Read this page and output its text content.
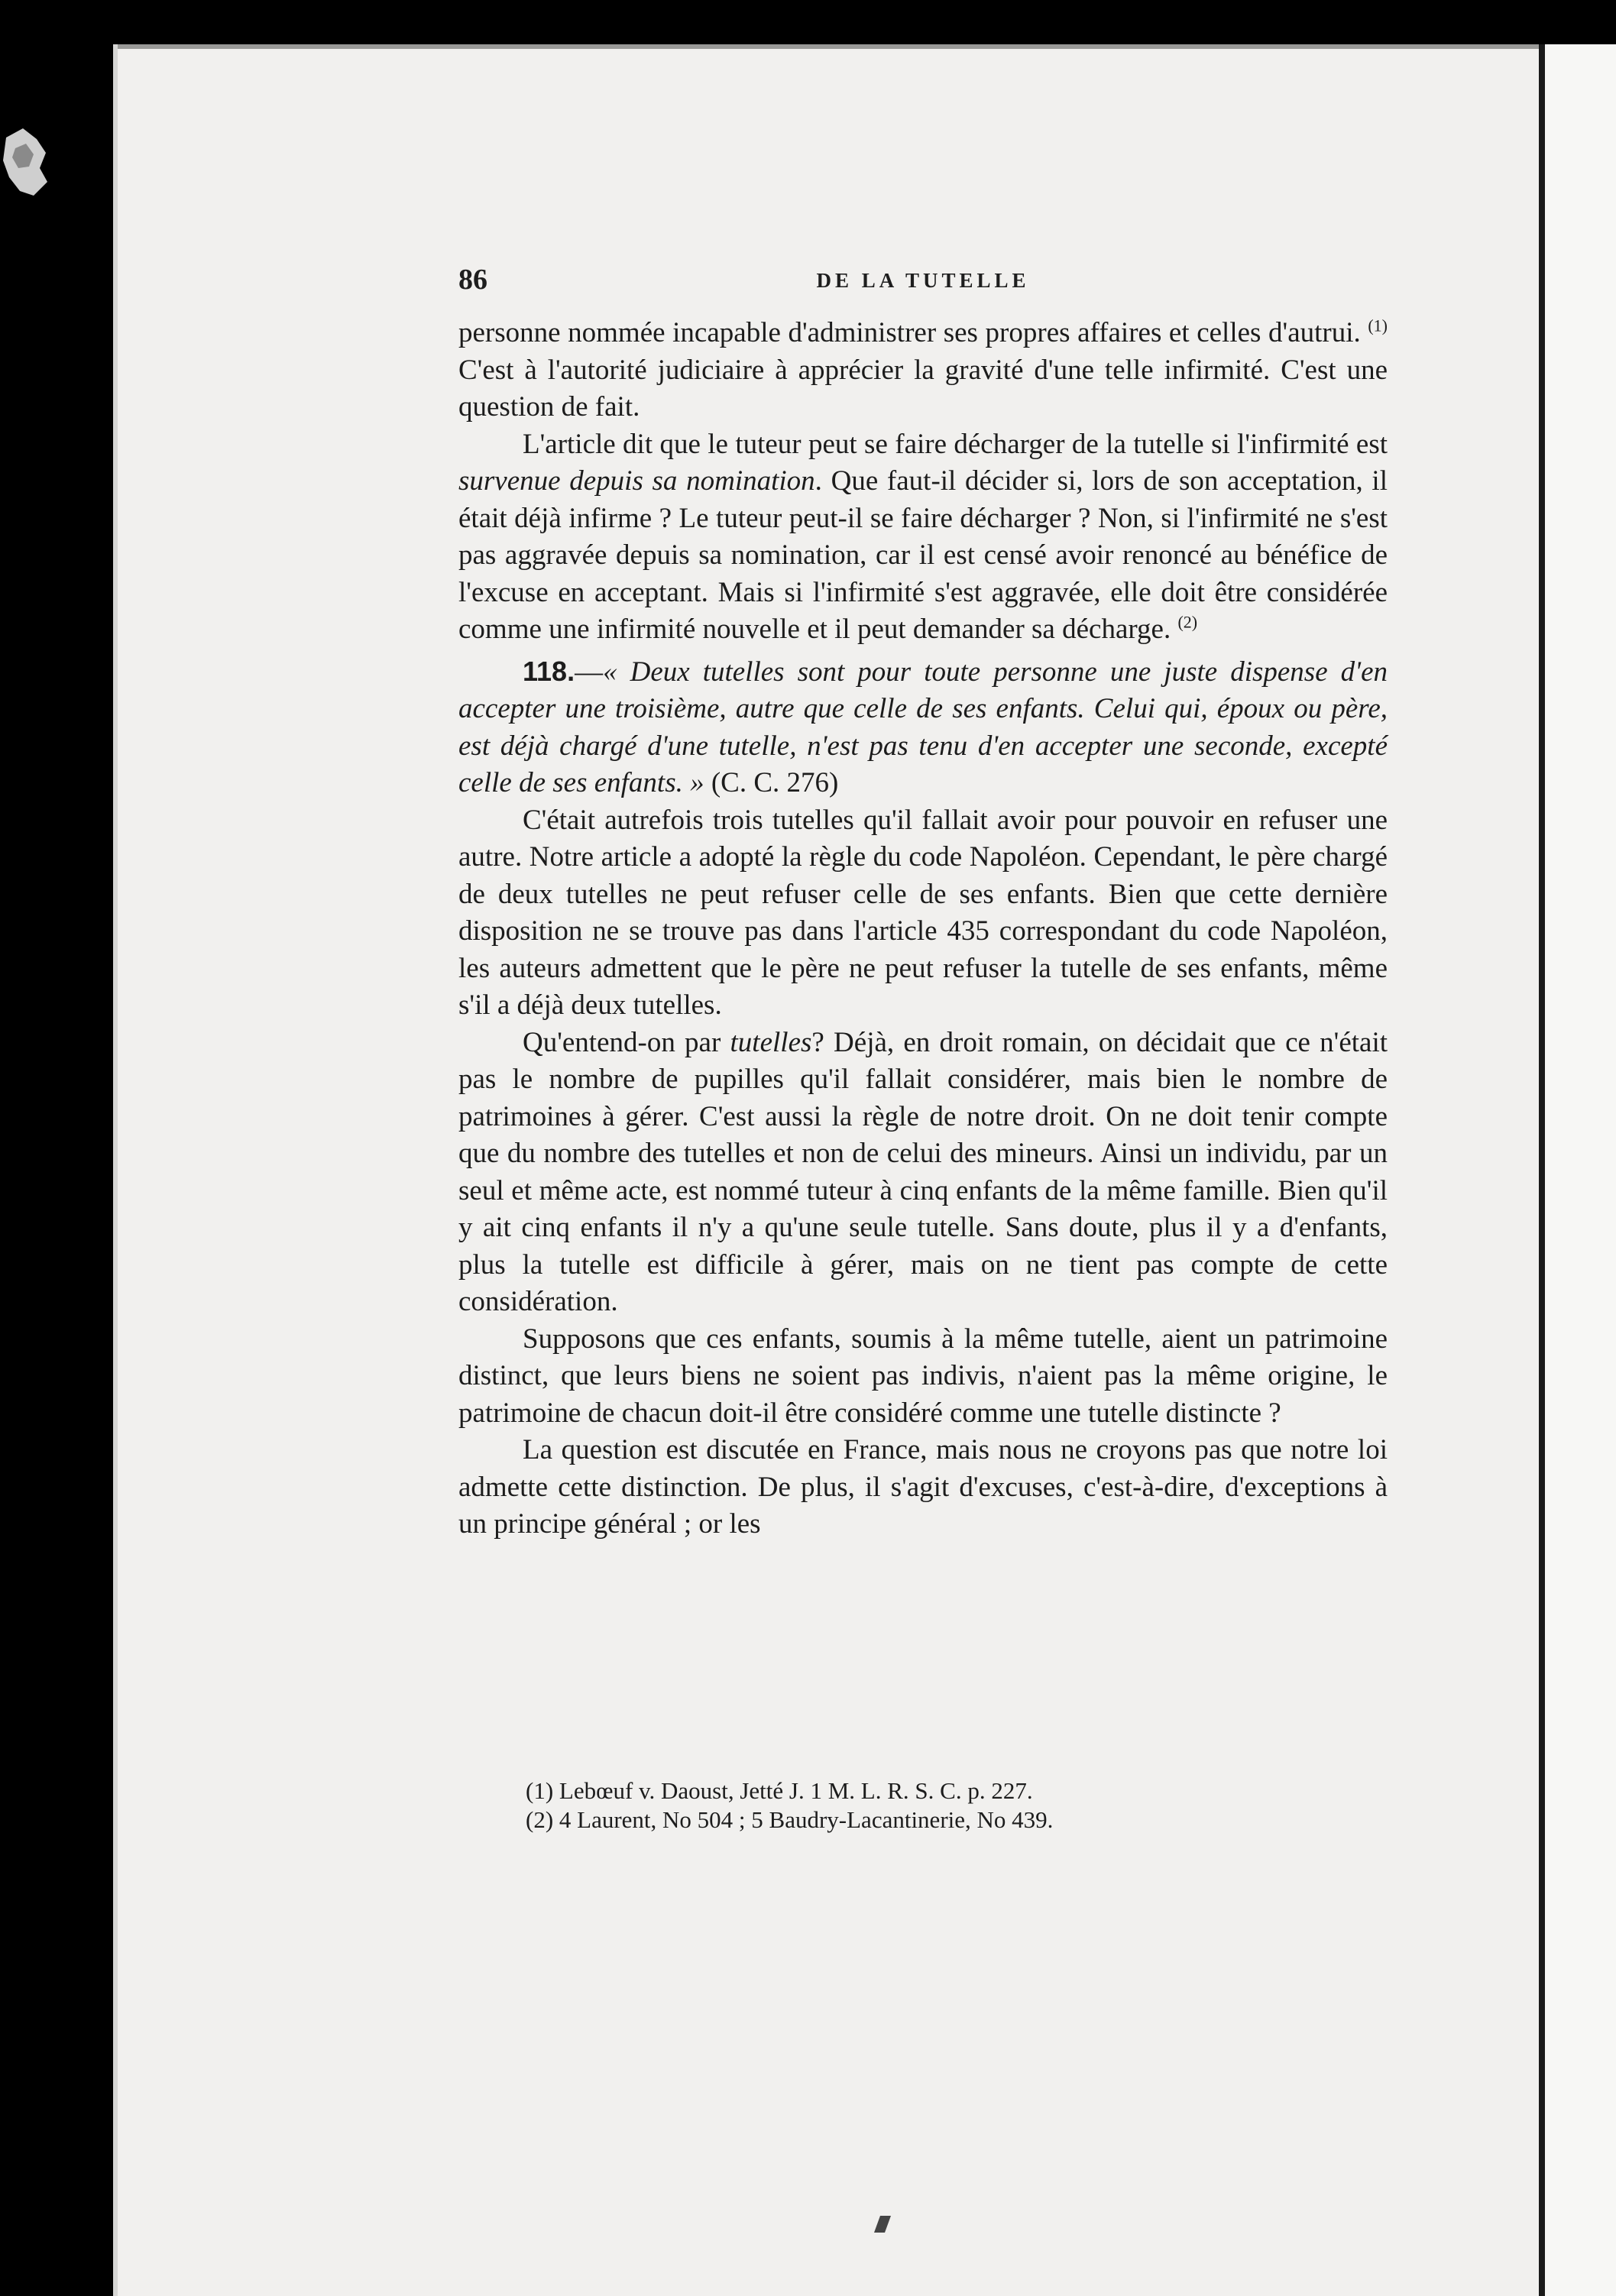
86	DE LA TUTELLE

personne nommée incapable d'administrer ses propres affaires et celles d'autrui. $^{(1)}$ C'est à l'autorité judiciaire à apprécier la gravité d'une telle infirmité. C'est une question de fait.

L'article dit que le tuteur peut se faire décharger de la tutelle si l'infirmité est survenue depuis sa nomination. Que faut-il décider si, lors de son acceptation, il était déjà infirme ? Le tuteur peut-il se faire décharger ? Non, si l'infirmité ne s'est pas aggravée depuis sa nomination, car il est censé avoir renoncé au bénéfice de l'excuse en acceptant. Mais si l'infirmité s'est aggravée, elle doit être considérée comme une infirmité nouvelle et il peut demander sa décharge. $^{(2)}$

118.—« Deux tutelles sont pour toute personne une juste dispense d'en accepter une troisième, autre que celle de ses enfants. Celui qui, époux ou père, est déjà chargé d'une tutelle, n'est pas tenu d'en accepter une seconde, excepté celle de ses enfants. » (C. C. 276)

C'était autrefois trois tutelles qu'il fallait avoir pour pouvoir en refuser une autre. Notre article a adopté la règle du code Napoléon. Cependant, le père chargé de deux tutelles ne peut refuser celle de ses enfants. Bien que cette dernière disposition ne se trouve pas dans l'article 435 correspondant du code Napoléon, les auteurs admettent que le père ne peut refuser la tutelle de ses enfants, même s'il a déjà deux tutelles.

Qu'entend-on par tutelles? Déjà, en droit romain, on décidait que ce n'était pas le nombre de pupilles qu'il fallait considérer, mais bien le nombre de patrimoines à gérer. C'est aussi la règle de notre droit. On ne doit tenir compte que du nombre des tutelles et non de celui des mineurs. Ainsi un individu, par un seul et même acte, est nommé tuteur à cinq enfants de la même famille. Bien qu'il y ait cinq enfants il n'y a qu'une seule tutelle. Sans doute, plus il y a d'enfants, plus la tutelle est difficile à gérer, mais on ne tient pas compte de cette considération.

Supposons que ces enfants, soumis à la même tutelle, aient un patrimoine distinct, que leurs biens ne soient pas indivis, n'aient pas la même origine, le patrimoine de chacun doit-il être considéré comme une tutelle distincte ?

La question est discutée en France, mais nous ne croyons pas que notre loi admette cette distinction. De plus, il s'agit d'excuses, c'est-à-dire, d'exceptions à un principe général ; or les

(1) Lebœuf v. Daoust, Jetté J. 1 M. L. R. S. C. p. 227.
(2) 4 Laurent, No 504 ; 5 Baudry-Lacantinerie, No 439.
